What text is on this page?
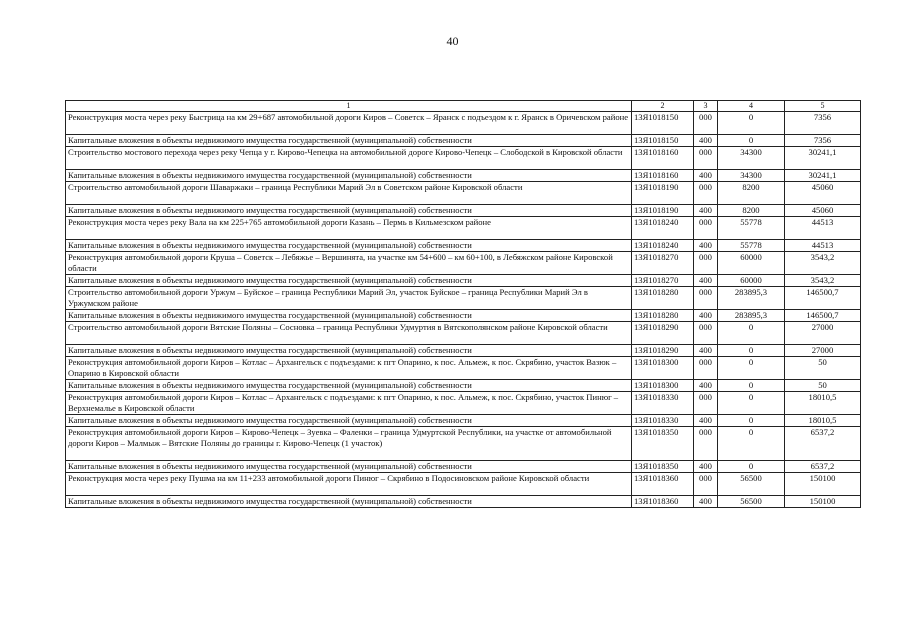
40
1	2	3	4	5
Реконструкция моста через реку Быстрица на км 29+687 автомобильной дороги Киров – Советск – Яранск с подъездом к г. Яранск в Оричевском районе	13Я1018150	000	0	7356
Капитальные вложения в объекты недвижимого имущества государственной (муниципальной) собственности	13Я1018150	400	0	7356
Строительство мостового перехода через реку Чепца у г. Кирово-Чепецка на автомобильной дороге Кирово-Чепецк – Слободской в Кировской области	13Я1018160	000	34300	30241,1
Капитальные вложения в объекты недвижимого имущества государственной (муниципальной) собственности	13Я1018160	400	34300	30241,1
Строительство автомобильной дороги Шаваржаки – граница Республики Марий Эл в Советском районе Кировской области	13Я1018190	000	8200	45060
Капитальные вложения в объекты недвижимого имущества государственной (муниципальной) собственности	13Я1018190	400	8200	45060
Реконструкция моста через реку Вала на км 225+765 автомобильной дороги Казань – Пермь в Кильмезском районе	13Я1018240	000	55778	44513
Капитальные вложения в объекты недвижимого имущества государственной (муниципальной) собственности	13Я1018240	400	55778	44513
Реконструкция автомобильной дороги Круша – Советск – Лебяжье – Вершинята, на участке км 54+600 – км 60+100, в Лебяжском районе Кировской области	13Я1018270	000	60000	3543,2
Капитальные вложения в объекты недвижимого имущества государственной (муниципальной) собственности	13Я1018270	400	60000	3543,2
Строительство автомобильной дороги Уржум – Буйское – граница Республики Марий Эл, участок Буйское – граница Республики Марий Эл в Уржумском районе	13Я1018280	000	283895,3	146500,7
Капитальные вложения в объекты недвижимого имущества государственной (муниципальной) собственности	13Я1018280	400	283895,3	146500,7
Строительство автомобильной дороги Вятские Поляны – Сосновка – граница Республики Удмуртия в Вятскополянском районе Кировской области	13Я1018290	000	0	27000
Капитальные вложения в объекты недвижимого имущества государственной (муниципальной) собственности	13Я1018290	400	0	27000
Реконструкция автомобильной дороги Киров – Котлас – Архангельск с подъездами: к пгт Опарино, к пос. Альмеж, к пос. Скрябино, участок Вазюк – Опарино в Кировской области	13Я1018300	000	0	50
Капитальные вложения в объекты недвижимого имущества государственной (муниципальной) собственности	13Я1018300	400	0	50
Реконструкция автомобильной дороги Киров – Котлас – Архангельск с подъездами: к пгт Опарино, к пос. Альмеж, к пос. Скрябино, участок Пинюг – Верхнемалье в Кировской области	13Я1018330	000	0	18010,5
Капитальные вложения в объекты недвижимого имущества государственной (муниципальной) собственности	13Я1018330	400	0	18010,5
Реконструкция автомобильной дороги Киров – Кирово-Чепецк – Зуевка – Фаленки – граница Удмуртской Республики, на участке от автомобильной дороги Киров – Малмыж – Вятские Поляны до границы г. Кирово-Чепецк (1 участок)	13Я1018350	000	0	6537,2
Капитальные вложения в объекты недвижимого имущества государственной (муниципальной) собственности	13Я1018350	400	0	6537,2
Реконструкция моста через реку Пушма на км 11+233 автомобильной дороги Пинюг – Скрябино в Подосиновском районе Кировской области	13Я1018360	000	56500	150100
Капитальные вложения в объекты недвижимого имущества государственной (муниципальной) собственности	13Я1018360	400	56500	150100
